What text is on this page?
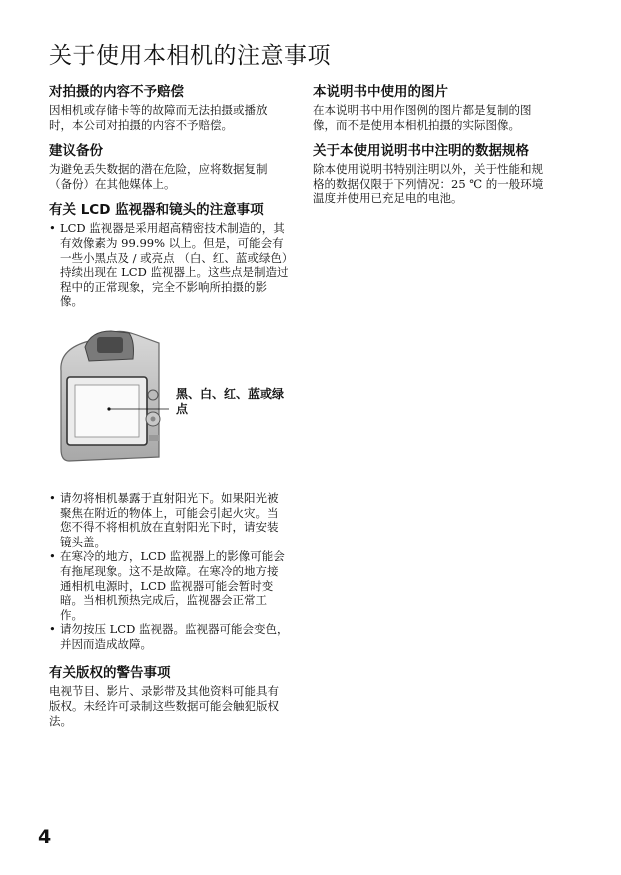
关于使用本相机的注意事项
对拍摄的内容不予赔偿

因相机或存储卡等的故障而无法拍摄或播放时，本公司对拍摄的内容不予赔偿。

建议备份

为避免丢失数据的潜在危险，应将数据复制 （备份）在其他媒体上。

有关 LCD 监视器和镜头的注意事项
• LCD 监视器是采用超高精密技术制造的，其有效像素为 99.99% 以上。但是，可能会有一些小黑点及 / 或亮点 （白、红、蓝或绿色）持续出现在 LCD 监视器上。这些点是制造过程中的正常现象，完全不影响所拍摄的影像。
黑、白、红、蓝或绿点
• 请勿将相机暴露于直射阳光下。如果阳光被聚焦在附近的物体上，可能会引起火灾。当您不得不将相机放在直射阳光下时，请安装镜头盖。
• 在寒冷的地方，LCD 监视器上的影像可能会有拖尾现象。这不是故障。在寒冷的地方接通相机电源时，LCD 监视器可能会暂时变暗。当相机预热完成后，监视器会正常工作。
• 请勿按压 LCD 监视器。监视器可能会变色，并因而造成故障。
有关版权的警告事项

电视节目、影片、录影带及其他资料可能具有版权。未经许可录制这些数据可能会触犯版权法。

本说明书中使用的图片

在本说明书中用作图例的图片都是复制的图像，而不是使用本相机拍摄的实际图像。

关于本使用说明书中注明的数据规格

除本使用说明书特别注明以外，关于性能和规格的数据仅限于下列情况：25 ℃ 的一般环境温度并使用已充足电的电池。

4
